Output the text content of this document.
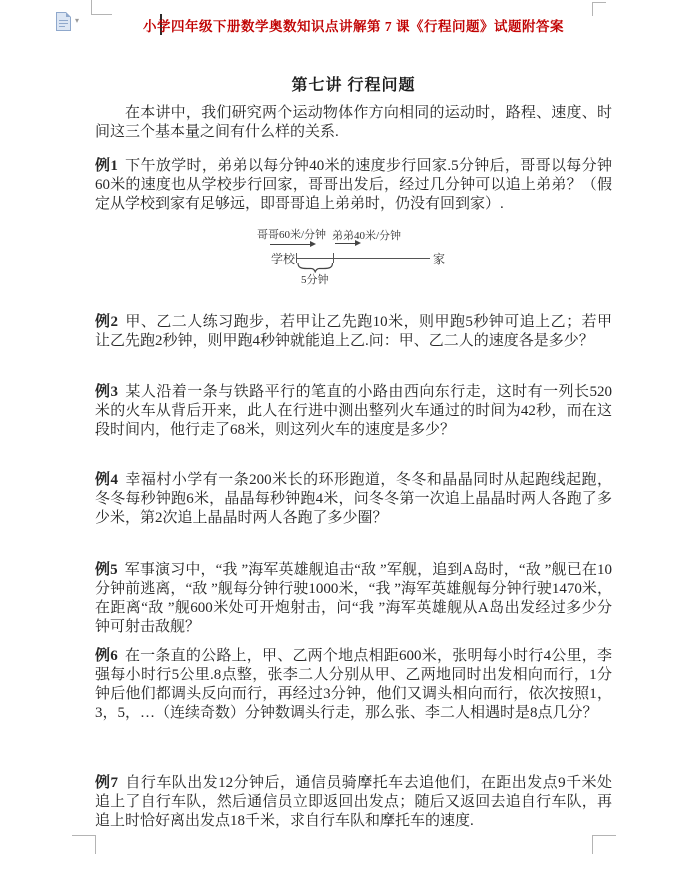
▾	小学四年级下册数学奥数知识点讲解第 7 课《行程问题》试题附答案
第七讲 行程问题
在本讲中，我们研究两个运动物体作方向相同的运动时，路程、速度、时间这三个基本量之间有什么样的关系.
例1 下午放学时，弟弟以每分钟40米的速度步行回家.5分钟后，哥哥以每分钟60米的速度也从学校步行回家，哥哥出发后，经过几分钟可以追上弟弟？（假定从学校到家有足够远，即哥哥追上弟弟时，仍没有回到家）.
哥哥60米/分钟 弟弟40米/分钟
学校	家
5分钟
例2 甲、乙二人练习跑步，若甲让乙先跑10米，则甲跑5秒钟可追上乙；若甲让乙先跑2秒钟，则甲跑4秒钟就能追上乙.问：甲、乙二人的速度各是多少？
例3 某人沿着一条与铁路平行的笔直的小路由西向东行走，这时有一列长520米的火车从背后开来，此人在行进中测出整列火车通过的时间为42秒，而在这段时间内，他行走了68米，则这列火车的速度是多少？
例4 幸福村小学有一条200米长的环形跑道，冬冬和晶晶同时从起跑线起跑，冬冬每秒钟跑6米，晶晶每秒钟跑4米，问冬冬第一次追上晶晶时两人各跑了多少米，第2次追上晶晶时两人各跑了多少圈？
例5 军事演习中，“我 ”海军英雄舰追击“敌 ”军舰，追到A岛时，“敌 ”舰已在10分钟前逃离，“敌 ”舰每分钟行驶1000米，“我 ”海军英雄舰每分钟行驶1470米，在距离“敌 ”舰600米处可开炮射击，问“我 ”海军英雄舰从A岛出发经过多少分钟可射击敌舰？
例6 在一条直的公路上，甲、乙两个地点相距600米，张明每小时行4公里，李强每小时行5公里.8点整，张李二人分别从甲、乙两地同时出发相向而行，1分钟后他们都调头反向而行，再经过3分钟，他们又调头相向而行，依次按照1，3，5，…（连续奇数）分钟数调头行走，那么张、李二人相遇时是8点几分？
例7 自行车队出发12分钟后，通信员骑摩托车去追他们，在距出发点9千米处追上了自行车队，然后通信员立即返回出发点；随后又返回去追自行车队，再追上时恰好离出发点18千米，求自行车队和摩托车的速度.
